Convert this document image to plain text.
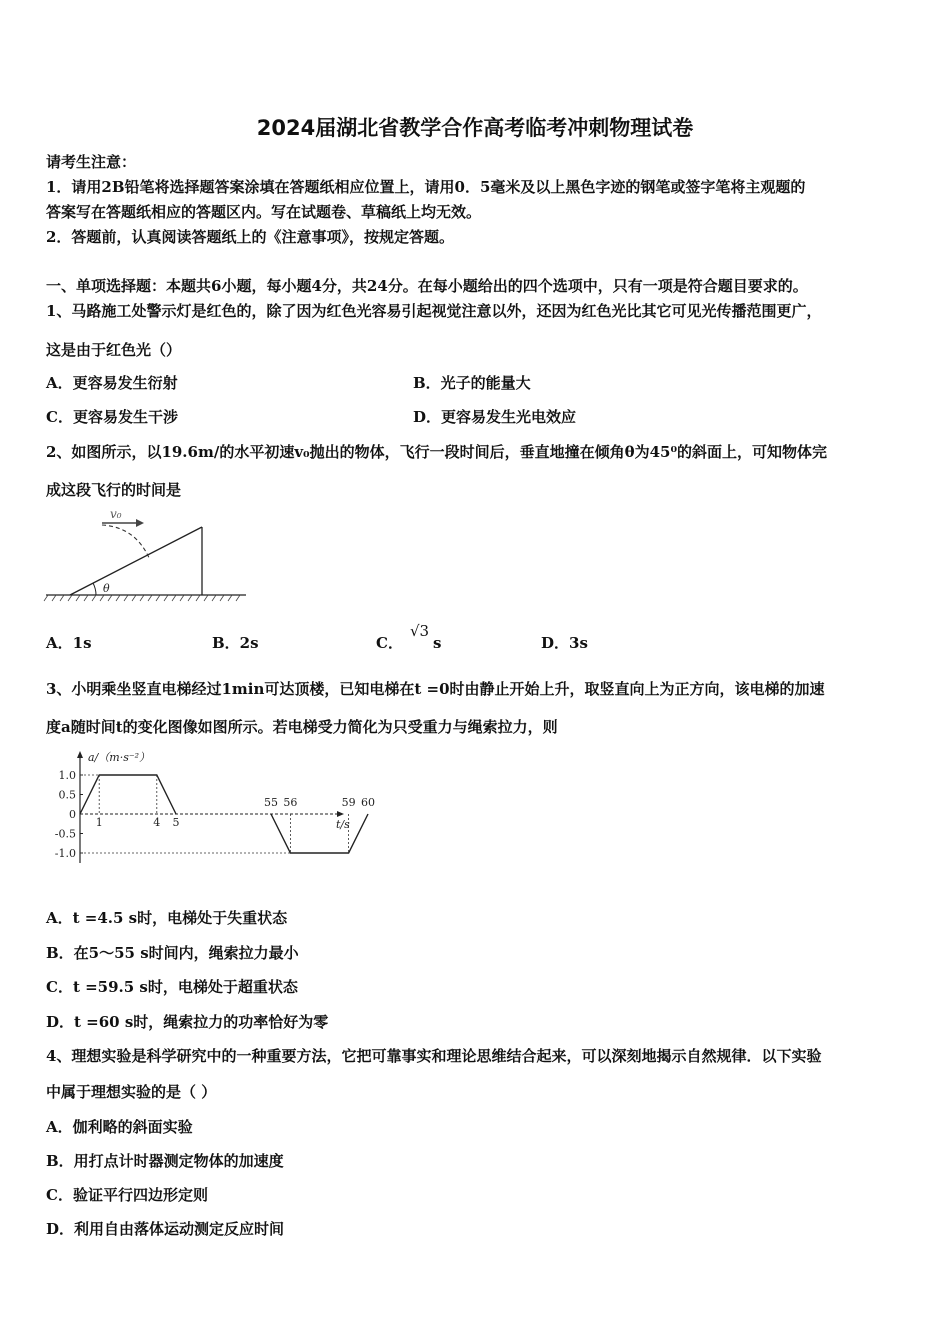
2024届湖北省教学合作高考临考冲刺物理试卷
请考生注意：
1．请用2B铅笔将选择题答案涂填在答题纸相应位置上，请用0．5毫米及以上黑色字迹的钢笔或签字笔将主观题的
答案写在答题纸相应的答题区内。写在试题卷、草稿纸上均无效。
2．答题前，认真阅读答题纸上的《注意事项》，按规定答题。
一、单项选择题：本题共6小题，每小题4分，共24分。在每小题给出的四个选项中，只有一项是符合题目要求的。
1、马路施工处警示灯是红色的，除了因为红色光容易引起视觉注意以外，还因为红色光比其它可见光传播范围更广，
这是由于红色光（）
A．更容易发生衍射	B．光子的能量大
C．更容易发生干涉	D．更容易发生光电效应
2、如图所示，以19.6m/的水平初速v₀抛出的物体，飞行一段时间后，垂直地撞在倾角θ为45⁰的斜面上，可知物体完
成这段飞行的时间是
θ
v₀
A．1s	B．2s	C．
√3
s	D．3s
3、小明乘坐竖直电梯经过1min可达顶楼，已知电梯在t =0时由静止开始上升，取竖直向上为正方向，该电梯的加速
度a随时间t的变化图像如图所示。若电梯受力简化为只受重力与绳索拉力，则
a/（m·s⁻²）
t/s
1.0
0.5
0
-0.5
-1.0
1	4 5
55 56	59 60
A．t =4.5 s时，电梯处于失重状态
B．在5～55 s时间内，绳索拉力最小
C．t =59.5 s时，电梯处于超重状态
D．t =60 s时，绳索拉力的功率恰好为零
4、理想实验是科学研究中的一种重要方法，它把可靠事实和理论思维结合起来，可以深刻地揭示自然规律．以下实验
中属于理想实验的是（ ）
A．伽利略的斜面实验
B．用打点计时器测定物体的加速度
C．验证平行四边形定则
D．利用自由落体运动测定反应时间
